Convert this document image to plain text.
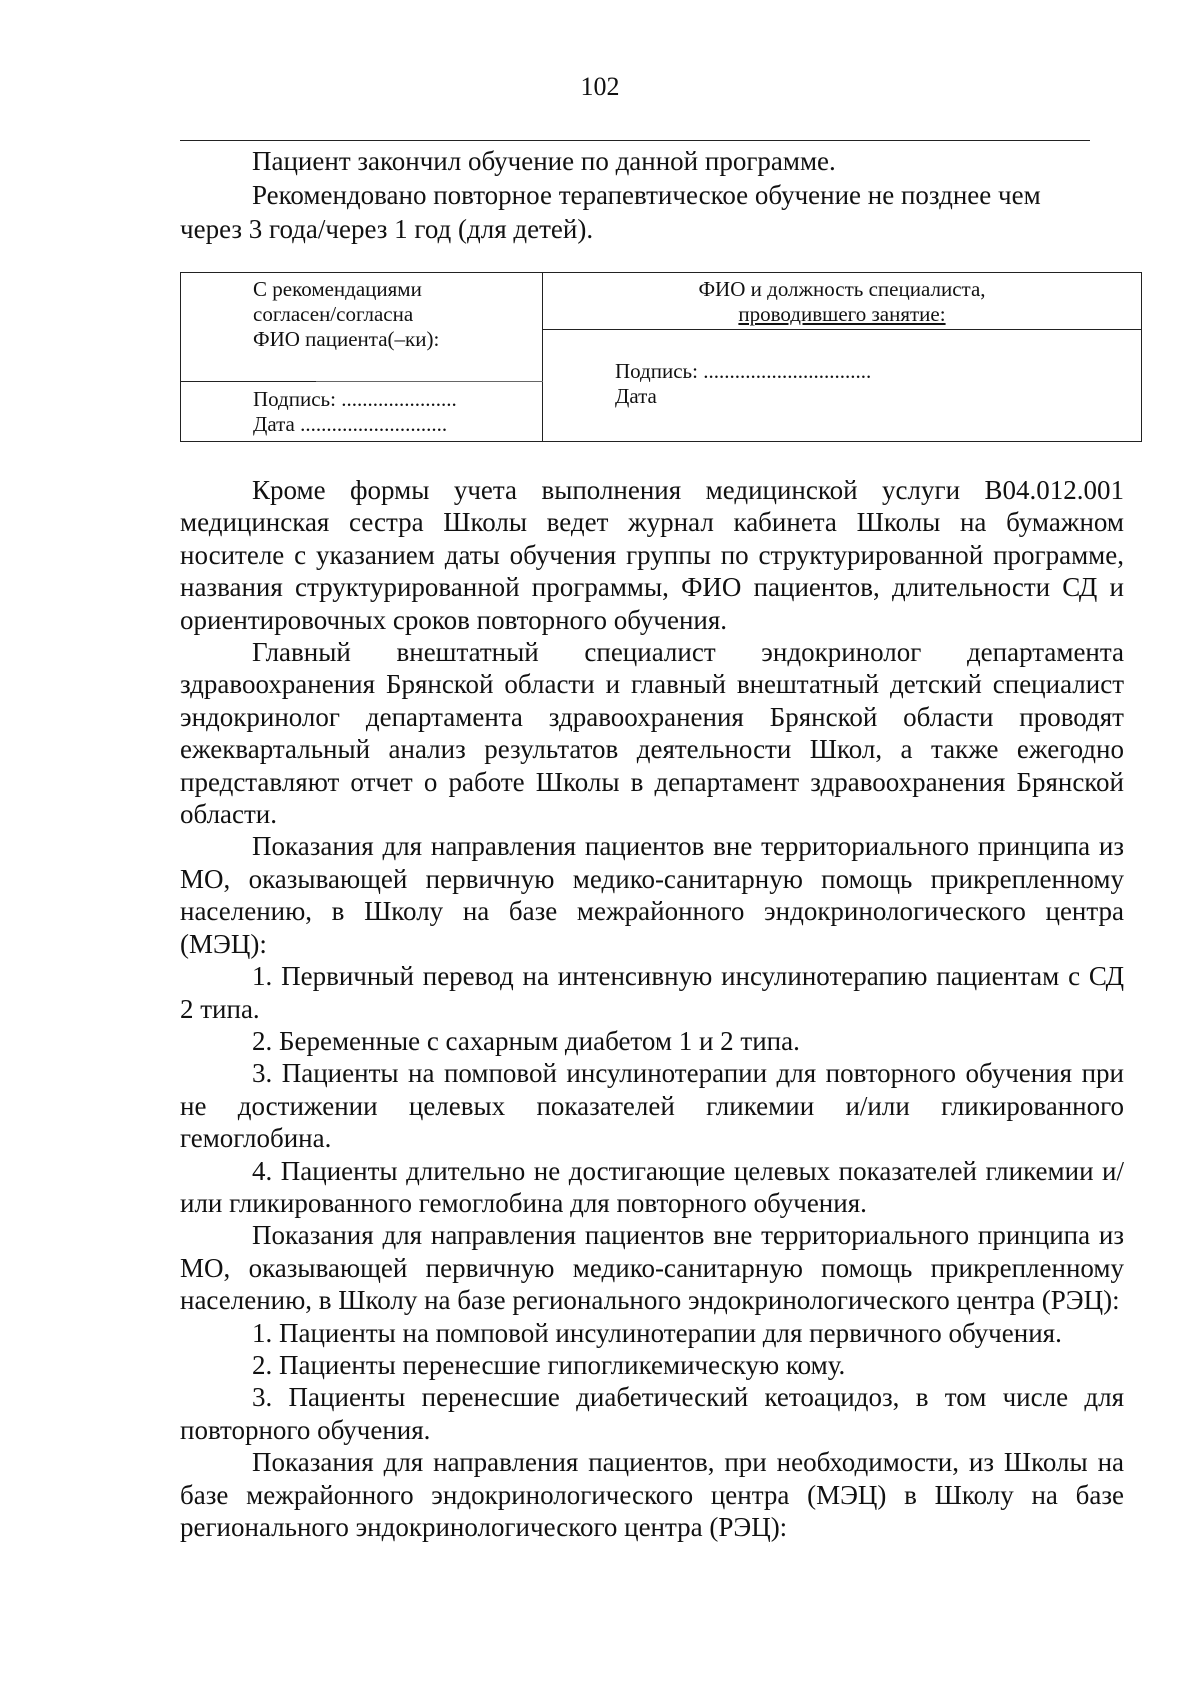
102

Пациент закончил обучение по данной программе.

Рекомендовано повторное терапевтическое обучение не позднее чем через 3 года/через 1 год (для детей).

С рекомендациями
согласен/согласна
ФИО пациента(–ки):
Подпись: ......................
Дата ............................
ФИО и должность специалиста,
проводившего занятие:
Подпись: ................................
Дата

Кроме формы учета выполнения медицинской услуги В04.012.001 медицинская сестра Школы ведет журнал кабинета Школы на бумажном носителе с указанием даты обучения группы по структурированной программе, названия структурированной программы, ФИО пациентов, длительности СД и ориентировочных сроков повторного обучения.

Главный внештатный специалист эндокринолог департамента здравоохранения Брянской области и главный внештатный детский специалист эндокринолог департамента здравоохранения Брянской области проводят ежеквартальный анализ результатов деятельности Школ, а также ежегодно представляют отчет о работе Школы в департамент здравоохранения Брянской области.

Показания для направления пациентов вне территориального принципа из МО, оказывающей первичную медико-санитарную помощь прикрепленному населению, в Школу на базе межрайонного эндокринологического центра (МЭЦ):

1. Первичный перевод на интенсивную инсулинотерапию пациентам с СД 2 типа.

2. Беременные с сахарным диабетом 1 и 2 типа.

3. Пациенты на помповой инсулинотерапии для повторного обучения при не достижении целевых показателей гликемии и/или гликированного гемоглобина.

4. Пациенты длительно не достигающие целевых показателей гликемии и/или гликированного гемоглобина для повторного обучения.

Показания для направления пациентов вне территориального принципа из МО, оказывающей первичную медико-санитарную помощь прикрепленному населению, в Школу на базе регионального эндокринологического центра (РЭЦ):

1. Пациенты на помповой инсулинотерапии для первичного обучения.

2. Пациенты перенесшие гипогликемическую кому.

3. Пациенты перенесшие диабетический кетоацидоз, в том числе для повторного обучения.

Показания для направления пациентов, при необходимости, из Школы на базе межрайонного эндокринологического центра (МЭЦ) в Школу на базе регионального эндокринологического центра (РЭЦ):
